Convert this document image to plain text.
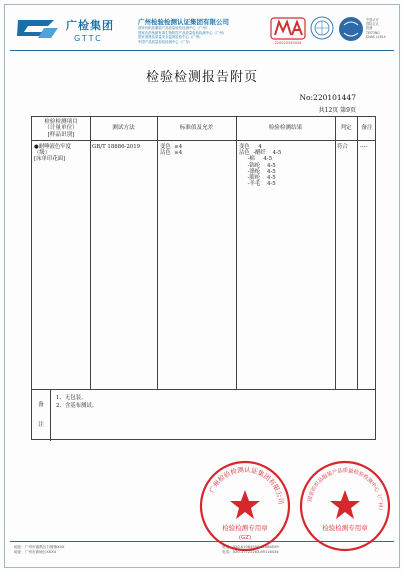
广检集团
GTTC
广州检验检测认证集团有限公司
国家纺织品服装产品质量检验检测中心（广州）
国家农药残留有毒生物防控产品质量检验检测中心（广州）
国家消费品质量安全监督检验中心（广州）
中国产品质量检验检测中心（广东）	220020349434
中国认可
国际互认
检测
TESTING
CNAS L1614
检验检测报告附页
No:220101447
共12页 第9页
检验检测项目
（计量单位）
[样品识别]
测试方法	标准值及允差	检验检测结果	判定	备注
●耐唾液色牢度
（级）
[床单印花面]
GB/T 18886-2019	变色  ≥4
沾色  ≥4
变色     4
沾色  -醋纤    4-5
-棉     4-5
-锦纶    4-5
-涤纶    4-5
-腈纶    4-5
-羊毛    4-5
符合 ----
备
注
1、无包装。
2、含基布测试。
广州检验检测认证集团有限公司
检验检测专用章
(GZ)
国家纺织品服装产品质量检验检测中心（广州）
检验检测专用章
地址：广州市番禺区石楼镇XXX
地址：广州市黄埔区XXXX
电话：020-61084550,61084559
电话：020-37722263,89116434
